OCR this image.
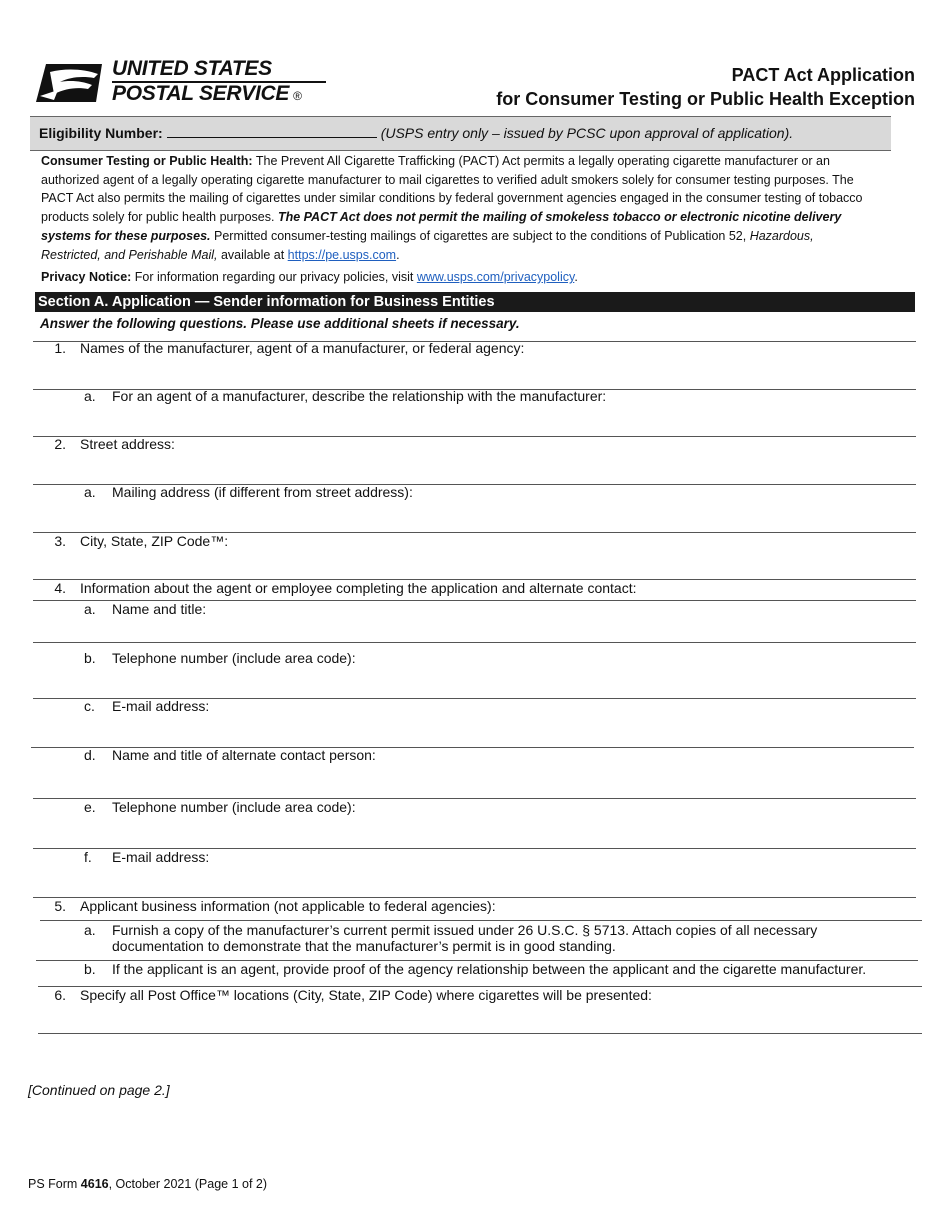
UNITED STATES
POSTAL SERVICE ®
PACT Act Application
for Consumer Testing or Public Health Exception
Eligibility Number:	(USPS entry only – issued by PCSC upon approval of application).
Consumer Testing or Public Health: The Prevent All Cigarette Trafficking (PACT) Act permits a legally operating cigarette manufacturer or an authorized agent of a legally operating cigarette manufacturer to mail cigarettes to verified adult smokers solely for consumer testing purposes. The PACT Act also permits the mailing of cigarettes under similar conditions by federal government agencies engaged in the consumer testing of tobacco products solely for public health purposes. The PACT Act does not permit the mailing of smokeless tobacco or electronic nicotine delivery systems for these purposes. Permitted consumer-testing mailings of cigarettes are subject to the conditions of Publication 52, Hazardous, Restricted, and Perishable Mail, available at https://pe.usps.com.
Privacy Notice: For information regarding our privacy policies, visit www.usps.com/privacypolicy.
Section A. Application — Sender information for Business Entities
Answer the following questions. Please use additional sheets if necessary.
1. Names of the manufacturer, agent of a manufacturer, or federal agency:
a.	For an agent of a manufacturer, describe the relationship with the manufacturer:
2. Street address:
a.	Mailing address (if different from street address):
3. City, State, ZIP Code™:
4. Information about the agent or employee completing the application and alternate contact:
a.	Name and title:
b.	Telephone number (include area code):
c.	E-mail address:
d.	Name and title of alternate contact person:
e.	Telephone number (include area code):
f.	E-mail address:
5. Applicant business information (not applicable to federal agencies):
a.	Furnish a copy of the manufacturer’s current permit issued under 26 U.S.C. § 5713. Attach copies of all necessary documentation to demonstrate that the manufacturer’s permit is in good standing.
b.	If the applicant is an agent, provide proof of the agency relationship between the applicant and the cigarette manufacturer.
6. Specify all Post Office™ locations (City, State, ZIP Code) where cigarettes will be presented:
[Continued on page 2.]
PS Form 4616, October 2021 (Page 1 of 2)
